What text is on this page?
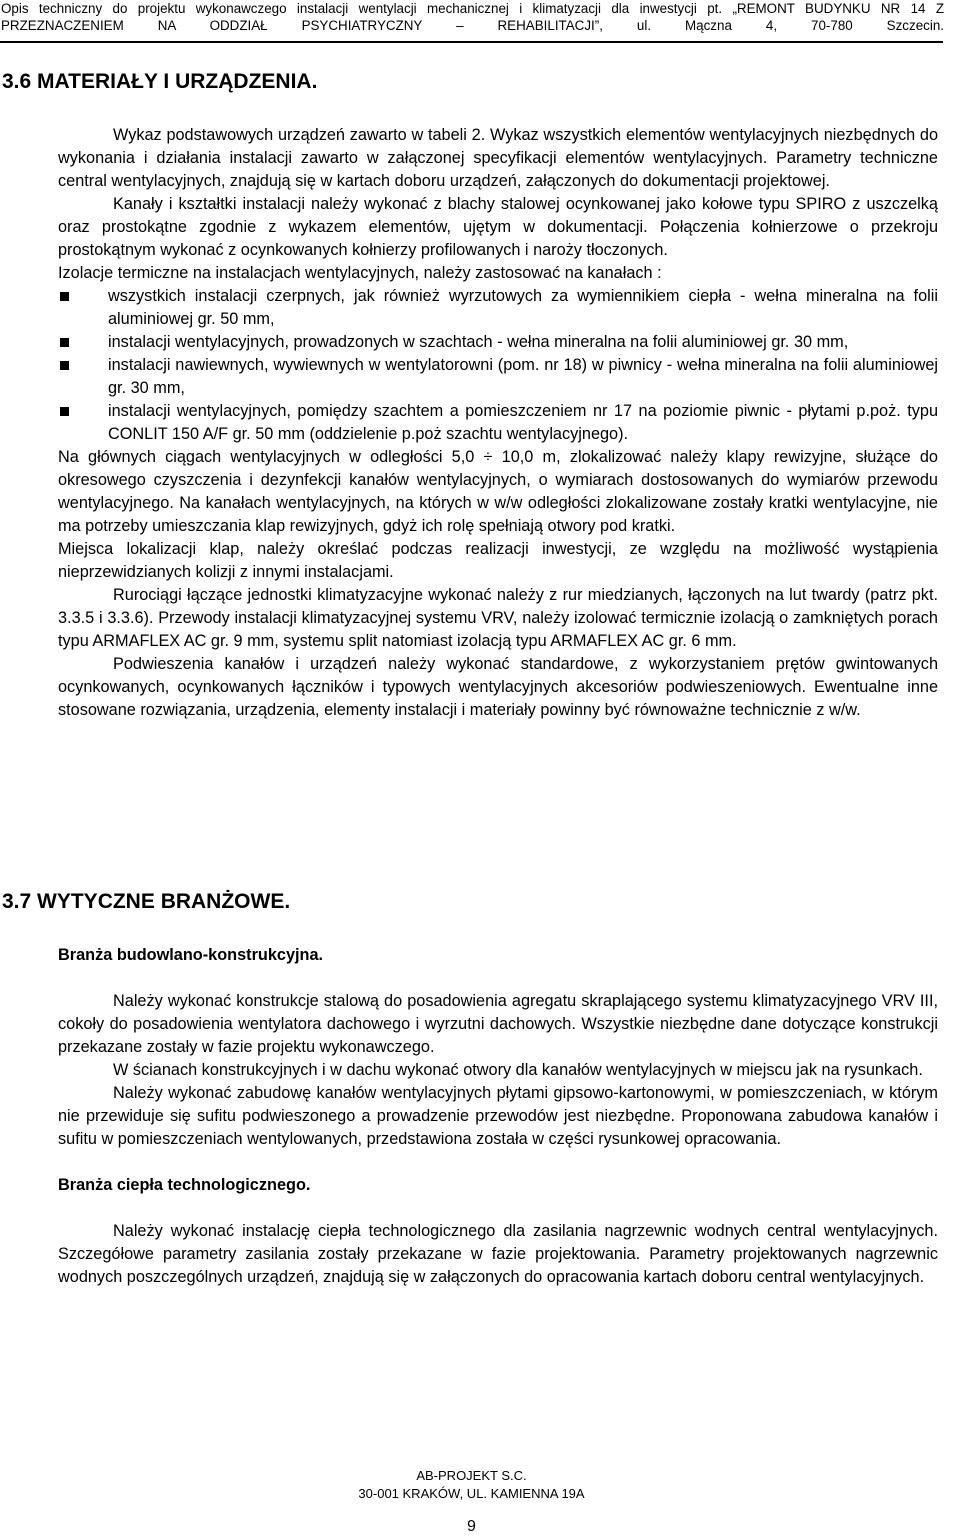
Opis techniczny do projektu wykonawczego instalacji wentylacji mechanicznej i klimatyzacji dla inwestycji pt. „REMONT BUDYNKU NR 14 Z
PRZEZNACZENIEM NA ODDZIAŁ PSYCHIATRYCZNY – REHABILITACJI”, ul. Mączna 4, 70-780 Szczecin.
3.6 MATERIAŁY I URZĄDZENIA.

Wykaz podstawowych urządzeń zawarto w tabeli 2. Wykaz wszystkich elementów wentylacyjnych niezbędnych do wykonania i działania instalacji zawarto w załączonej specyfikacji elementów wentylacyjnych. Parametry techniczne central wentylacyjnych, znajdują się w kartach doboru urządzeń, załączonych do dokumentacji projektowej.

Kanały i kształtki instalacji należy wykonać z blachy stalowej ocynkowanej jako kołowe typu SPIRO z uszczelką oraz prostokątne zgodnie z wykazem elementów, ujętym w dokumentacji. Połączenia kołnierzowe o przekroju prostokątnym wykonać z ocynkowanych kołnierzy profilowanych i naroży tłoczonych.

Izolacje termiczne na instalacjach wentylacyjnych, należy zastosować na kanałach :

wszystkich instalacji czerpnych, jak również wyrzutowych za wymiennikiem ciepła - wełna mineralna na folii aluminiowej gr. 50 mm,
instalacji wentylacyjnych, prowadzonych w szachtach - wełna mineralna na folii aluminiowej gr. 30 mm,
instalacji nawiewnych, wywiewnych w wentylatorowni (pom. nr 18) w piwnicy - wełna mineralna na folii aluminiowej gr. 30 mm,
instalacji wentylacyjnych, pomiędzy szachtem a pomieszczeniem nr 17 na poziomie piwnic - płytami p.poż. typu CONLIT 150 A/F gr. 50 mm (oddzielenie p.poż szachtu wentylacyjnego).

Na głównych ciągach wentylacyjnych w odległości 5,0 ÷ 10,0 m, zlokalizować należy klapy rewizyjne, służące do okresowego czyszczenia i dezynfekcji kanałów wentylacyjnych, o wymiarach dostosowanych do wymiarów przewodu wentylacyjnego. Na kanałach wentylacyjnych, na których w w/w odległości zlokalizowane zostały kratki wentylacyjne, nie ma potrzeby umieszczania klap rewizyjnych, gdyż ich rolę spełniają otwory pod kratki.

Miejsca lokalizacji klap, należy określać podczas realizacji inwestycji, ze względu na możliwość wystąpienia nieprzewidzianych kolizji z innymi instalacjami.

Rurociągi łączące jednostki klimatyzacyjne wykonać należy z rur miedzianych, łączonych na lut twardy (patrz pkt. 3.3.5 i 3.3.6). Przewody instalacji klimatyzacyjnej systemu VRV, należy izolować termicznie izolacją o zamkniętych porach typu ARMAFLEX AC gr. 9 mm, systemu split natomiast izolacją typu ARMAFLEX AC gr. 6 mm.

Podwieszenia kanałów i urządzeń należy wykonać standardowe, z wykorzystaniem prętów gwintowanych ocynkowanych, ocynkowanych łączników i typowych wentylacyjnych akcesoriów podwieszeniowych. Ewentualne inne stosowane rozwiązania, urządzenia, elementy instalacji i materiały powinny być równoważne technicznie z w/w.

3.7 WYTYCZNE BRANŻOWE.

Branża budowlano-konstrukcyjna.

Należy wykonać konstrukcje stalową do posadowienia agregatu skraplającego systemu klimatyzacyjnego VRV III, cokoły do posadowienia wentylatora dachowego i wyrzutni dachowych. Wszystkie niezbędne dane dotyczące konstrukcji przekazane zostały w fazie projektu wykonawczego.

W ścianach konstrukcyjnych i w dachu wykonać otwory dla kanałów wentylacyjnych w miejscu jak na rysunkach.

Należy wykonać zabudowę kanałów wentylacyjnych płytami gipsowo-kartonowymi, w pomieszczeniach, w którym nie przewiduje się sufitu podwieszonego a prowadzenie przewodów jest niezbędne. Proponowana zabudowa kanałów i sufitu w pomieszczeniach wentylowanych, przedstawiona została w części rysunkowej opracowania.

Branża ciepła technologicznego.

Należy wykonać instalację ciepła technologicznego dla zasilania nagrzewnic wodnych central wentylacyjnych. Szczegółowe parametry zasilania zostały przekazane w fazie projektowania. Parametry projektowanych nagrzewnic wodnych poszczególnych urządzeń, znajdują się w załączonych do opracowania kartach doboru central wentylacyjnych.

AB-PROJEKT S.C.
30-001 KRAKÓW, UL. KAMIENNA 19A
9
